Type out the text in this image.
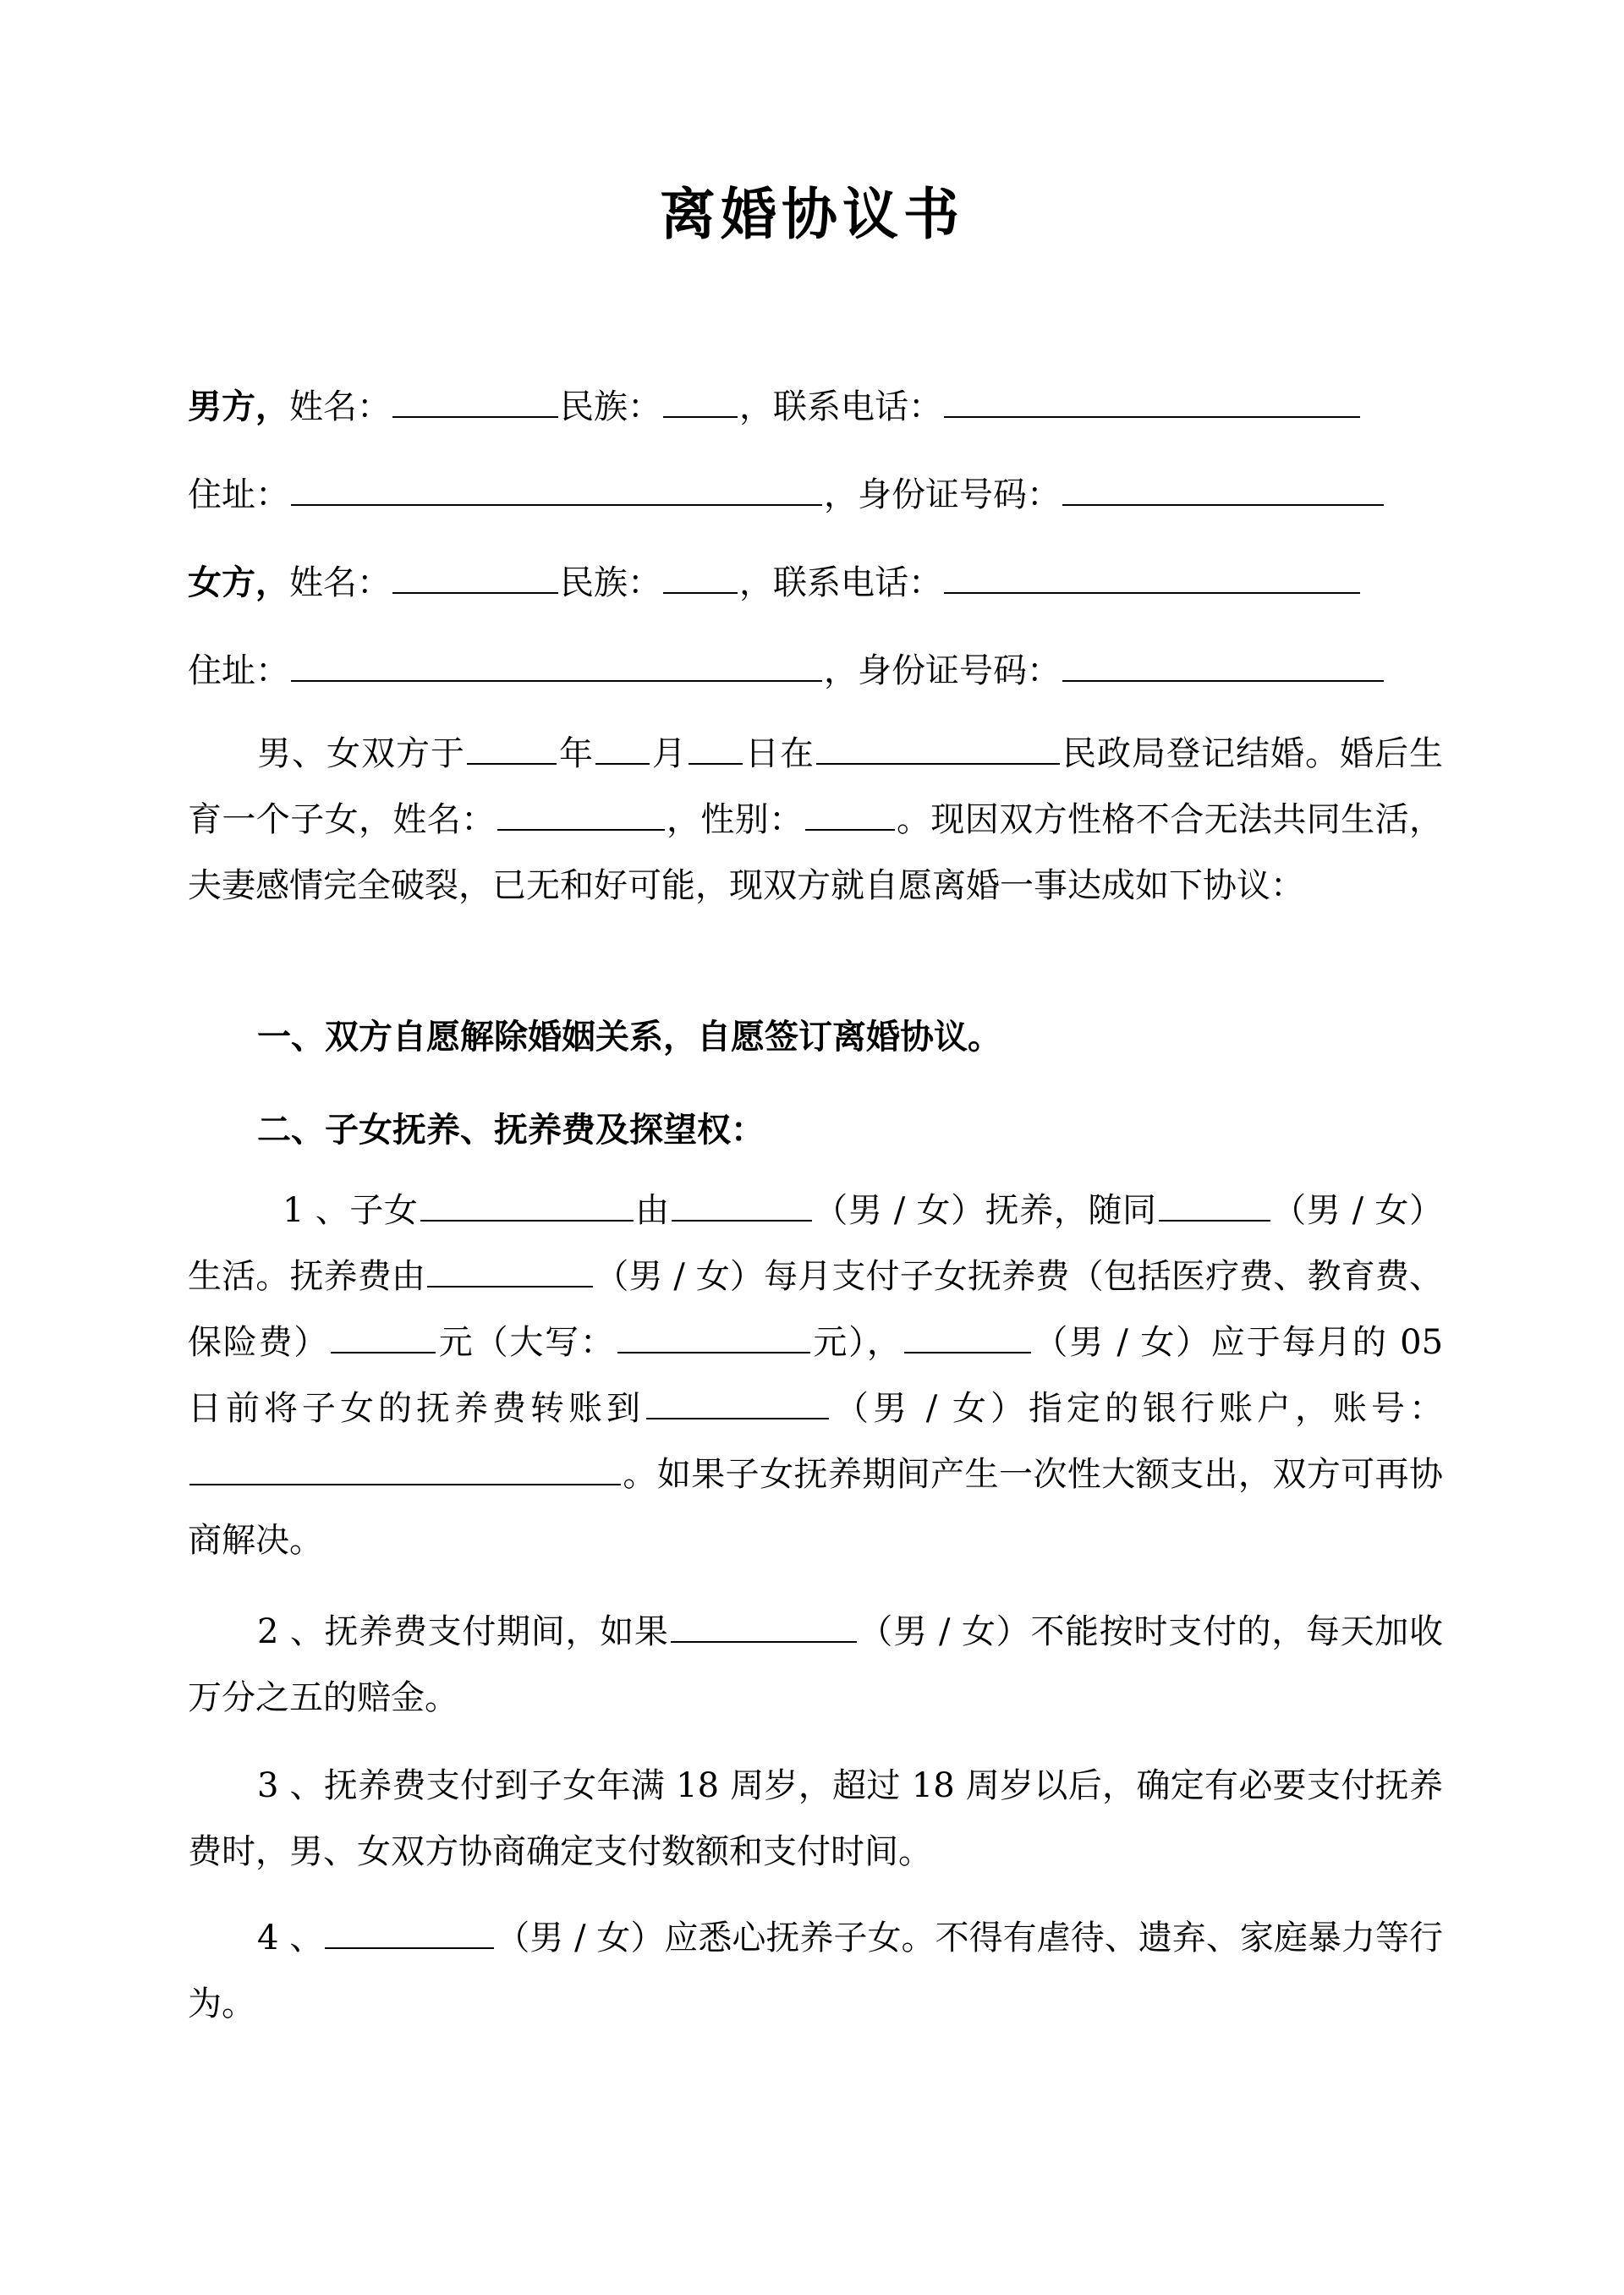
离婚协议书
男方，姓名：	民族： ，联系电话：
住址：	，身份证号码：
女方，姓名：	民族： ，联系电话：
住址：	，身份证号码：
男、女双方于	年 月 日在	民政局登记结婚。婚后生育一个子女，姓名：	，性别：	。现因双方性格不合无法共同生活，夫妻感情完全破裂，已无和好可能，现双方就自愿离婚一事达成如下协议：
一、双方自愿解除婚姻关系，自愿签订离婚协议。
二、子女抚养、抚养费及探望权：
1 、子女	由	（男 / 女）抚养，随同	（男 / 女）生活。抚养费由	（男 / 女）每月支付子女抚养费（包括医疗费、教育费、保险费）	元（大写：	元），	（男 / 女）应于每月的 05 日前将子女的抚养费转账到	（男 / 女）指定的银行账户，账号：。如果子女抚养期间产生一次性大额支出，双方可再协商解决。
2 、抚养费支付期间，如果	（男 / 女）不能按时支付的，每天加收万分之五的赔金。
3 、抚养费支付到子女年满 18 周岁，超过 18 周岁以后，确定有必要支付抚养费时，男、女双方协商确定支付数额和支付时间。
4 、	（男 / 女）应悉心抚养子女。不得有虐待、遗弃、家庭暴力等行为。
